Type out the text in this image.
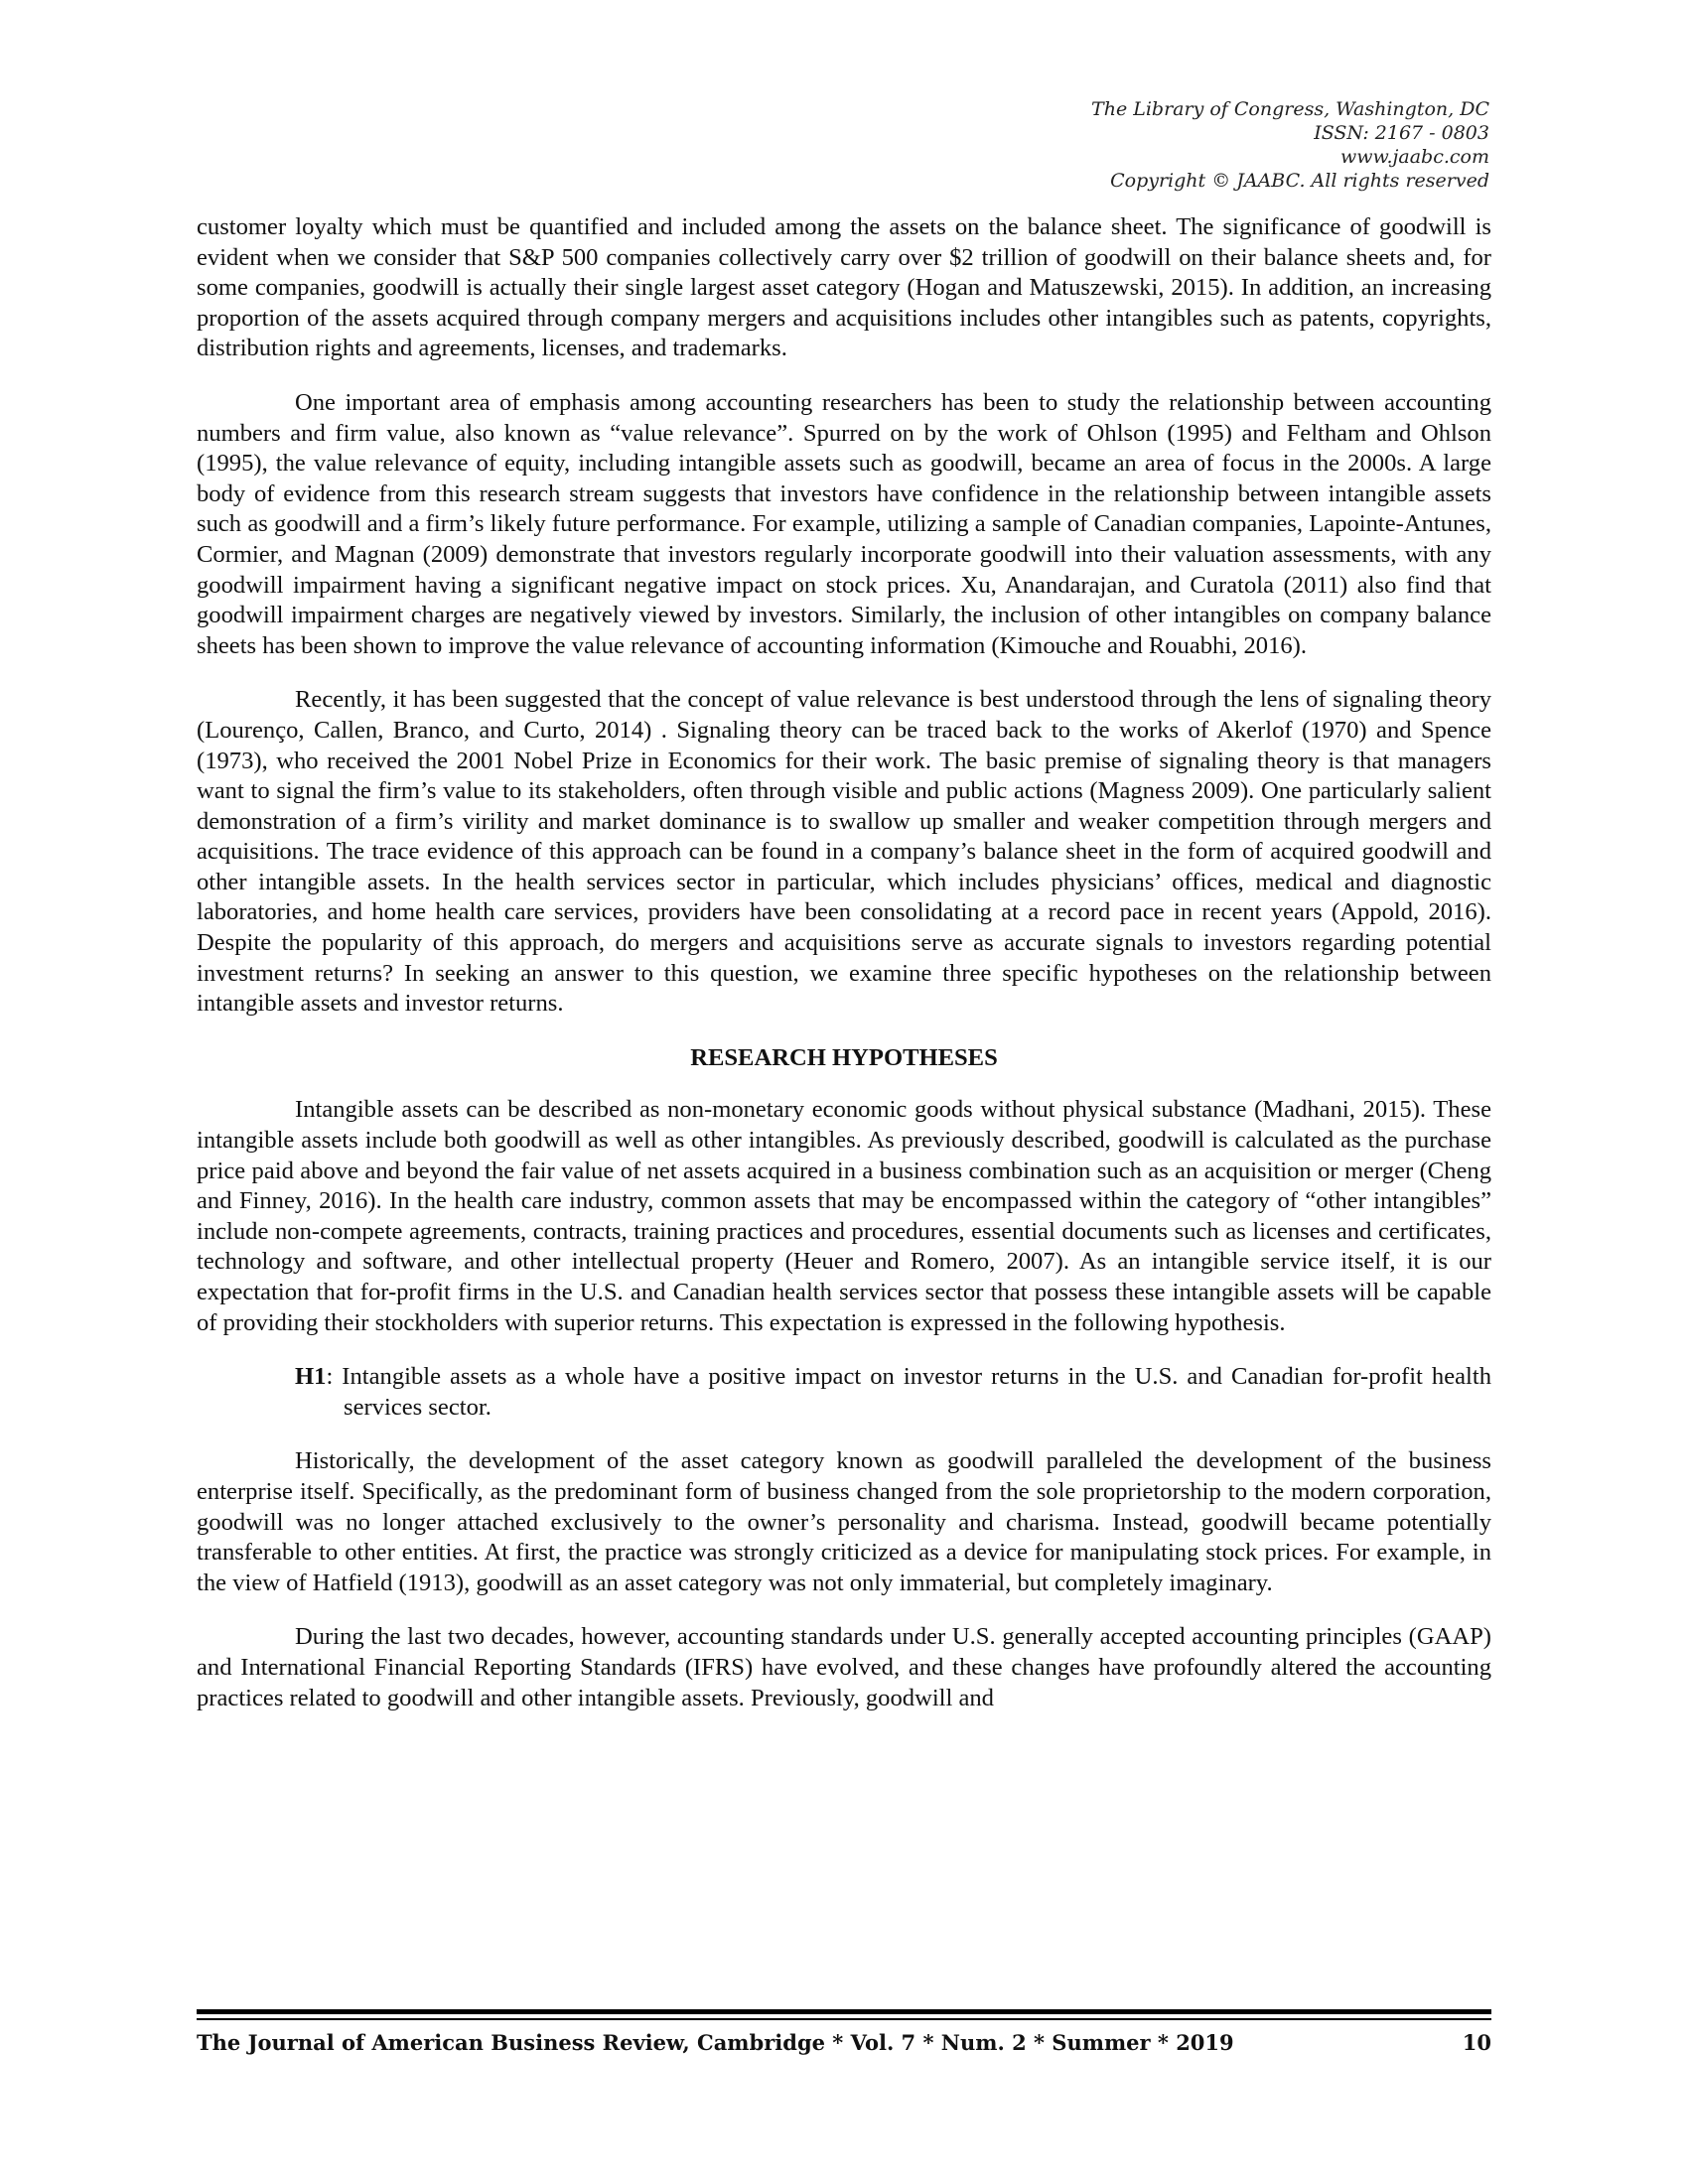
The Library of Congress, Washington, DC
ISSN: 2167 - 0803
www.jaabc.com
Copyright © JAABC. All rights reserved

customer loyalty which must be quantified and included among the assets on the balance sheet. The significance of goodwill is evident when we consider that S&P 500 companies collectively carry over $2 trillion of goodwill on their balance sheets and, for some companies, goodwill is actually their single largest asset category (Hogan and Matuszewski, 2015). In addition, an increasing proportion of the assets acquired through company mergers and acquisitions includes other intangibles such as patents, copyrights, distribution rights and agreements, licenses, and trademarks.

One important area of emphasis among accounting researchers has been to study the relationship between accounting numbers and firm value, also known as “value relevance”. Spurred on by the work of Ohlson (1995) and Feltham and Ohlson (1995), the value relevance of equity, including intangible assets such as goodwill, became an area of focus in the 2000s. A large body of evidence from this research stream suggests that investors have confidence in the relationship between intangible assets such as goodwill and a firm’s likely future performance. For example, utilizing a sample of Canadian companies, Lapointe-Antunes, Cormier, and Magnan (2009) demonstrate that investors regularly incorporate goodwill into their valuation assessments, with any goodwill impairment having a significant negative impact on stock prices. Xu, Anandarajan, and Curatola (2011) also find that goodwill impairment charges are negatively viewed by investors. Similarly, the inclusion of other intangibles on company balance sheets has been shown to improve the value relevance of accounting information (Kimouche and Rouabhi, 2016).

Recently, it has been suggested that the concept of value relevance is best understood through the lens of signaling theory (Lourenço, Callen, Branco, and Curto, 2014) . Signaling theory can be traced back to the works of Akerlof (1970) and Spence (1973), who received the 2001 Nobel Prize in Economics for their work. The basic premise of signaling theory is that managers want to signal the firm’s value to its stakeholders, often through visible and public actions (Magness 2009). One particularly salient demonstration of a firm’s virility and market dominance is to swallow up smaller and weaker competition through mergers and acquisitions. The trace evidence of this approach can be found in a company’s balance sheet in the form of acquired goodwill and other intangible assets. In the health services sector in particular, which includes physicians’ offices, medical and diagnostic laboratories, and home health care services, providers have been consolidating at a record pace in recent years (Appold, 2016). Despite the popularity of this approach, do mergers and acquisitions serve as accurate signals to investors regarding potential investment returns? In seeking an answer to this question, we examine three specific hypotheses on the relationship between intangible assets and investor returns.

RESEARCH HYPOTHESES

Intangible assets can be described as non-monetary economic goods without physical substance (Madhani, 2015). These intangible assets include both goodwill as well as other intangibles. As previously described, goodwill is calculated as the purchase price paid above and beyond the fair value of net assets acquired in a business combination such as an acquisition or merger (Cheng and Finney, 2016). In the health care industry, common assets that may be encompassed within the category of “other intangibles” include non-compete agreements, contracts, training practices and procedures, essential documents such as licenses and certificates, technology and software, and other intellectual property (Heuer and Romero, 2007). As an intangible service itself, it is our expectation that for-profit firms in the U.S. and Canadian health services sector that possess these intangible assets will be capable of providing their stockholders with superior returns. This expectation is expressed in the following hypothesis.

H1: Intangible assets as a whole have a positive impact on investor returns in the U.S. and Canadian for-profit health services sector.

Historically, the development of the asset category known as goodwill paralleled the development of the business enterprise itself. Specifically, as the predominant form of business changed from the sole proprietorship to the modern corporation, goodwill was no longer attached exclusively to the owner’s personality and charisma. Instead, goodwill became potentially transferable to other entities. At first, the practice was strongly criticized as a device for manipulating stock prices. For example, in the view of Hatfield (1913), goodwill as an asset category was not only immaterial, but completely imaginary.

During the last two decades, however, accounting standards under U.S. generally accepted accounting principles (GAAP) and International Financial Reporting Standards (IFRS) have evolved, and these changes have profoundly altered the accounting practices related to goodwill and other intangible assets. Previously, goodwill and

The Journal of American Business Review, Cambridge * Vol. 7 * Num. 2 * Summer * 2019	10
